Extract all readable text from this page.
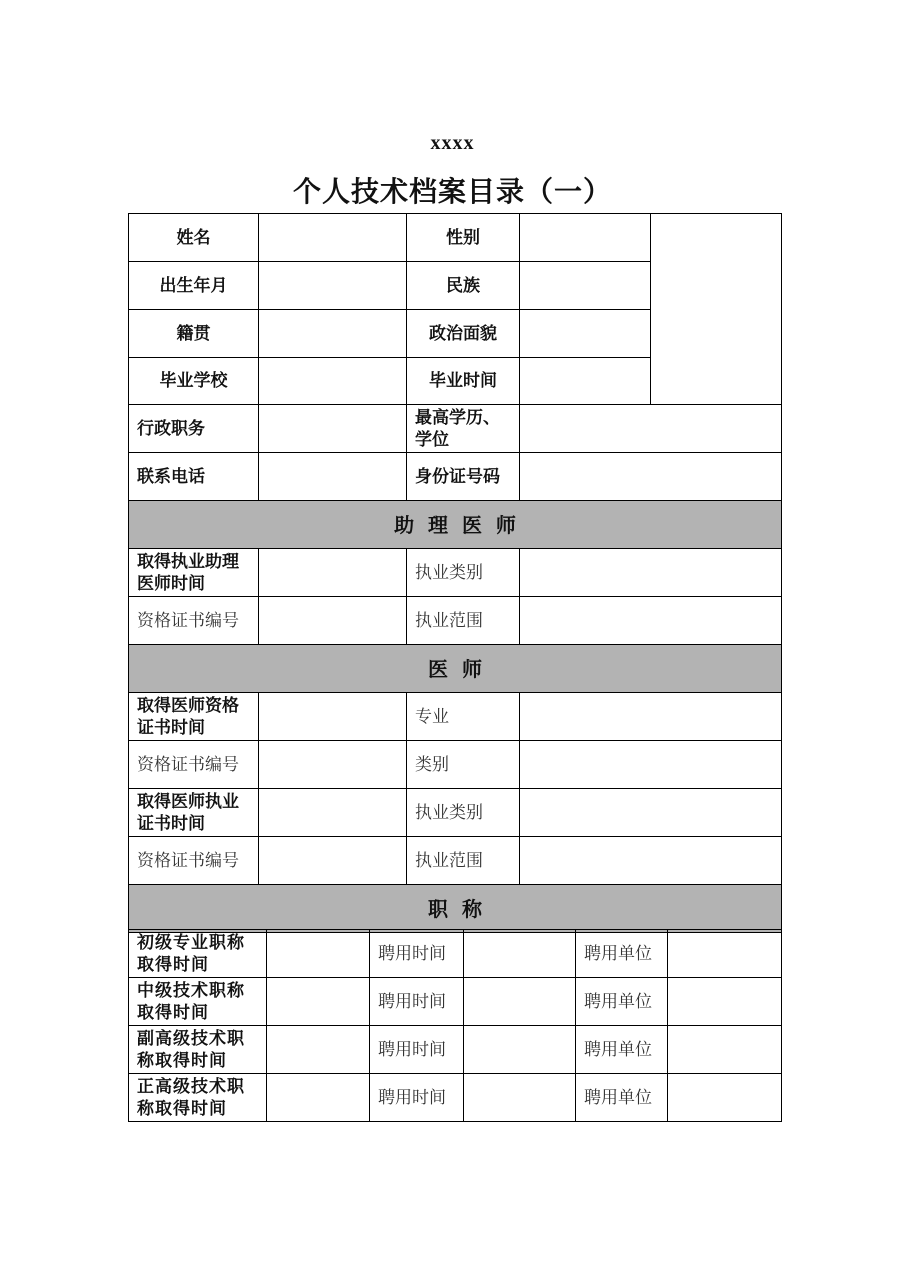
xxxx
个人技术档案目录（一）
姓名		性别		
出生年月		民族		
籍贯		政治面貌		
毕业学校		毕业时间		
行政职务		最高学历、学位		
联系电话		身份证号码		
助  理  医  师				
取得执业助理医师时间		执业类别		
资格证书编号		执业范围		
医  师				
取得医师资格证书时间		专业		
资格证书编号		类别		
取得医师执业证书时间		执业类别		
资格证书编号		执业范围		
职  称				
初级专业职称取得时间		聘用时间		聘用单位	
中级技术职称取得时间		聘用时间		聘用单位	
副高级技术职称取得时间		聘用时间		聘用单位	
正高级技术职称取得时间		聘用时间		聘用单位	
